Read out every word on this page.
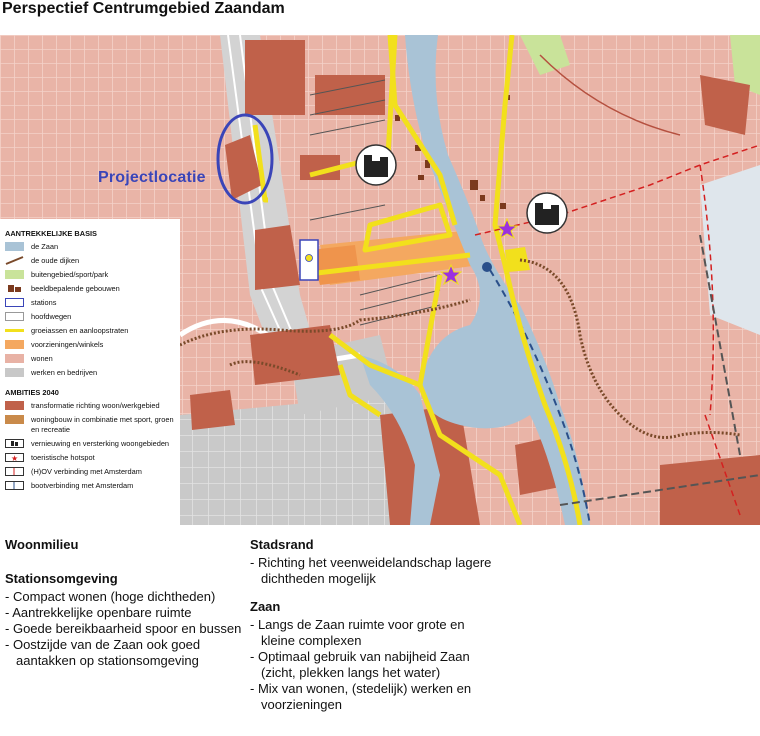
Perspectief Centrumgebied Zaandam
Projectlocatie
AANTREKKELIJKE BASIS
de Zaan
de oude dijken
buitengebied/sport/park
beeldbepalende gebouwen
stations
hoofdwegen
groeiassen en aanloopstraten
voorzieningen/winkels
wonen
werken en bedrijven
AMBITIES 2040
transformatie richting woon/werkgebied
woningbouw in combinatie met sport, groen en recreatie
vernieuwing en versterking woongebieden
★ toeristische hotspot
(H)OV verbinding met Amsterdam
bootverbinding met Amsterdam
Woonmilieu
Stationsomgeving
- Compact wonen (hoge dichtheden)
- Aantrekkelijke openbare ruimte
- Goede bereikbaarheid spoor en bussen
- Oostzijde van de Zaan ook goed aantakken op stationsomgeving
Stadsrand
- Richting het veenweidelandschap lagere dichtheden mogelijk
Zaan
- Langs de Zaan ruimte voor grote en kleine complexen
- Optimaal gebruik van nabijheid Zaan (zicht, plekken langs het water)
- Mix van wonen, (stedelijk) werken en voorzieningen
